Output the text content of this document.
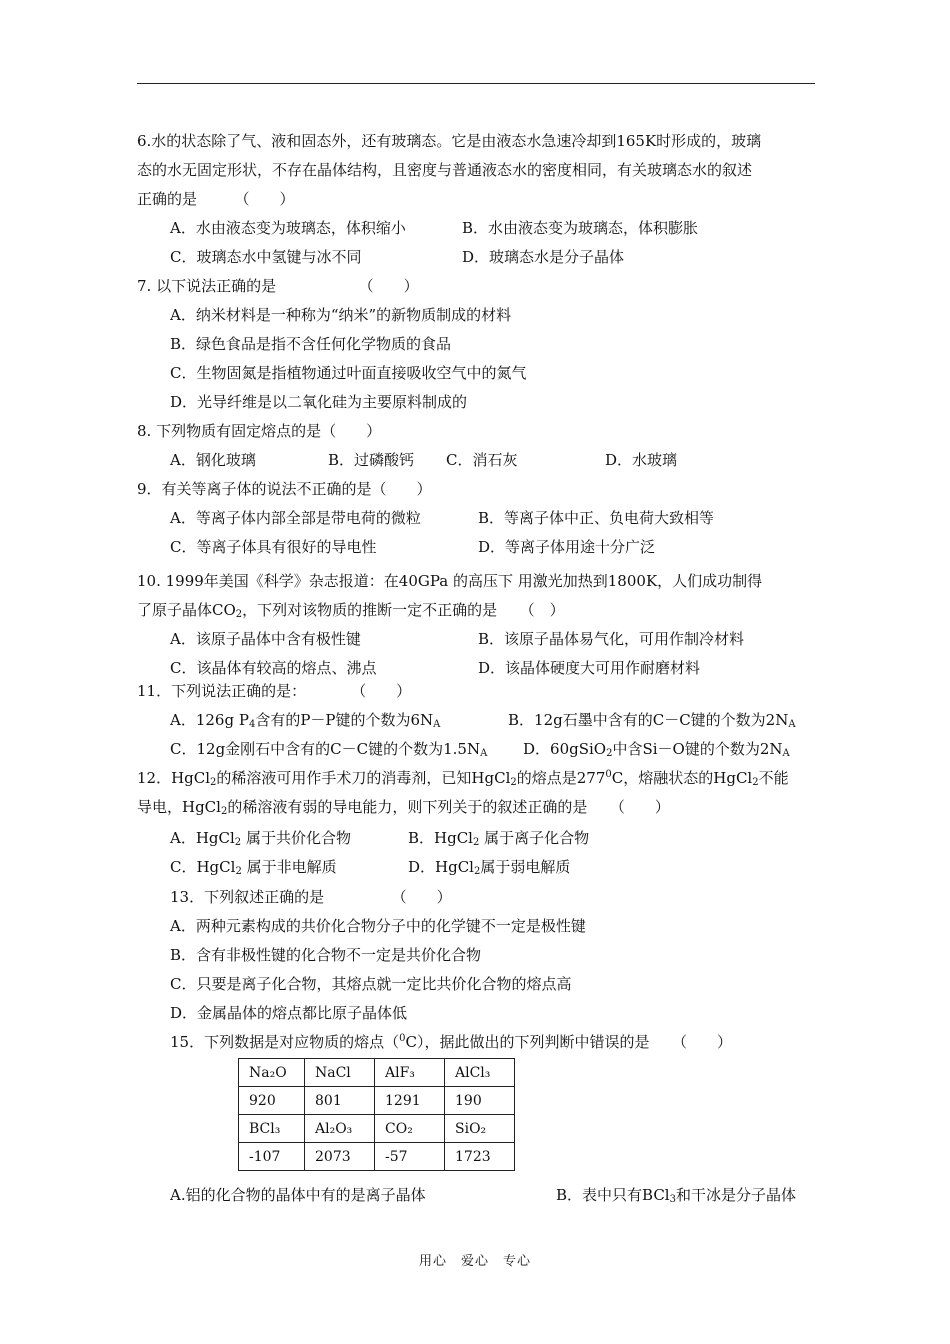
6.水的状态除了气、液和固态外，还有玻璃态。它是由液态水急速冷却到165K时形成的，玻璃
态的水无固定形状，不存在晶体结构，且密度与普通液态水的密度相同，有关玻璃态水的叙述
正确的是　　　（　　）
A．水由液态变为玻璃态，体积缩小	B．水由液态变为玻璃态，体积膨胀
C．玻璃态水中氢键与冰不同	D．玻璃态水是分子晶体
7. 以下说法正确的是　　　　　　（　　）
A．纳米材料是一种称为“纳米”的新物质制成的材料
B．绿色食品是指不含任何化学物质的食品
C．生物固氮是指植物通过叶面直接吸收空气中的氮气
D．光导纤维是以二氧化硅为主要原料制成的
8. 下列物质有固定熔点的是（　　）
A．钢化玻璃	B．过磷酸钙 C．消石灰	D．水玻璃
9．有关等离子体的说法不正确的是（　　）
A．等离子体内部全部是带电荷的微粒	B．等离子体中正、负电荷大致相等
C．等离子体具有很好的导电性	D．等离子体用途十分广泛
10. 1999年美国《科学》杂志报道：在40GPa 的高压下 用激光加热到1800K，人们成功制得
了原子晶体$CO_2$，下列对该物质的推断一定不正确的是　　（　）
A．该原子晶体中含有极性键	B．该原子晶体易气化，可用作制冷材料
C．该晶体有较高的熔点、沸点	D．该晶体硬度大可用作耐磨材料
11．下列说法正确的是：　　　　（　　）
A．126g $P_4$含有的P－P键的个数为$6N_A$	B．12g石墨中含有的C－C键的个数为$2N_A$
C．12g金刚石中含有的C－C键的个数为$1.5N_A$ D．60gSiO$_2$中含Si－O键的个数为$2N_A$
12．HgCl$_2$的稀溶液可用作手术刀的消毒剂，已知HgCl$_2$的熔点是$277^0C$，熔融状态的HgCl$_2$不能
导电，HgCl$_2$的稀溶液有弱的导电能力，则下列关于的叙述正确的是　　（　　）
A．HgCl$_2$ 属于共价化合物	B．HgCl$_2$ 属于离子化合物
C．HgCl$_2$ 属于非电解质	D．HgCl$_2$属于弱电解质
13．下列叙述正确的是　　　　　（　　）
A．两种元素构成的共价化合物分子中的化学键不一定是极性键
B．含有非极性键的化合物不一定是共价化合物
C．只要是离子化合物，其熔点就一定比共价化合物的熔点高
D．金属晶体的熔点都比原子晶体低
15．下列数据是对应物质的熔点（$^0$C），据此做出的下列判断中错误的是　　（　　）
Na₂O	NaCl	AlF₃	AlCl₃
920	801	1291	190
BCl₃	Al₂O₃	CO₂	SiO₂
-107	2073	-57	1723
A.铝的化合物的晶体中有的是离子晶体	B．表中只有BCl$_3$和干冰是分子晶体
用心　爱心　专心
